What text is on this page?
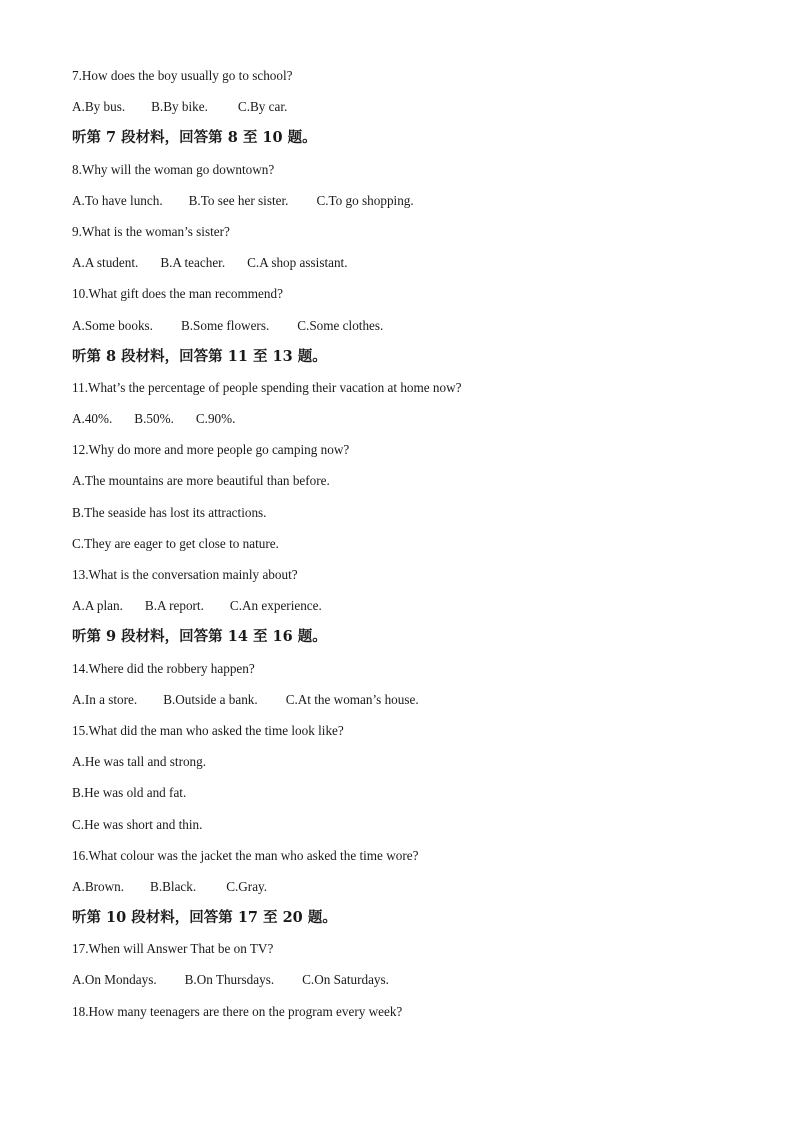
7.How does the boy usually go to school?
A.By bus. B.By bike. C.By car.
听第 7 段材料，回答第 8 至 10 题。
8.Why will the woman go downtown?
A.To have lunch. B.To see her sister. C.To go shopping.
9.What is the woman’s sister?
A.A student. B.A teacher. C.A shop assistant.
10.What gift does the man recommend?
A.Some books. B.Some flowers. C.Some clothes.
听第 8 段材料，回答第 11 至 13 题。
11.What’s the percentage of people spending their vacation at home now?
A.40%. B.50%. C.90%.
12.Why do more and more people go camping now?
A.The mountains are more beautiful than before.
B.The seaside has lost its attractions.
C.They are eager to get close to nature.
13.What is the conversation mainly about?
A.A plan. B.A report. C.An experience.
听第 9 段材料，回答第 14 至 16 题。
14.Where did the robbery happen?
A.In a store. B.Outside a bank. C.At the woman’s house.
15.What did the man who asked the time look like?
A.He was tall and strong.
B.He was old and fat.
C.He was short and thin.
16.What colour was the jacket the man who asked the time wore?
A.Brown. B.Black. C.Gray.
听第 10 段材料，回答第 17 至 20 题。
17.When will Answer That be on TV?
A.On Mondays. B.On Thursdays. C.On Saturdays.
18.How many teenagers are there on the program every week?
